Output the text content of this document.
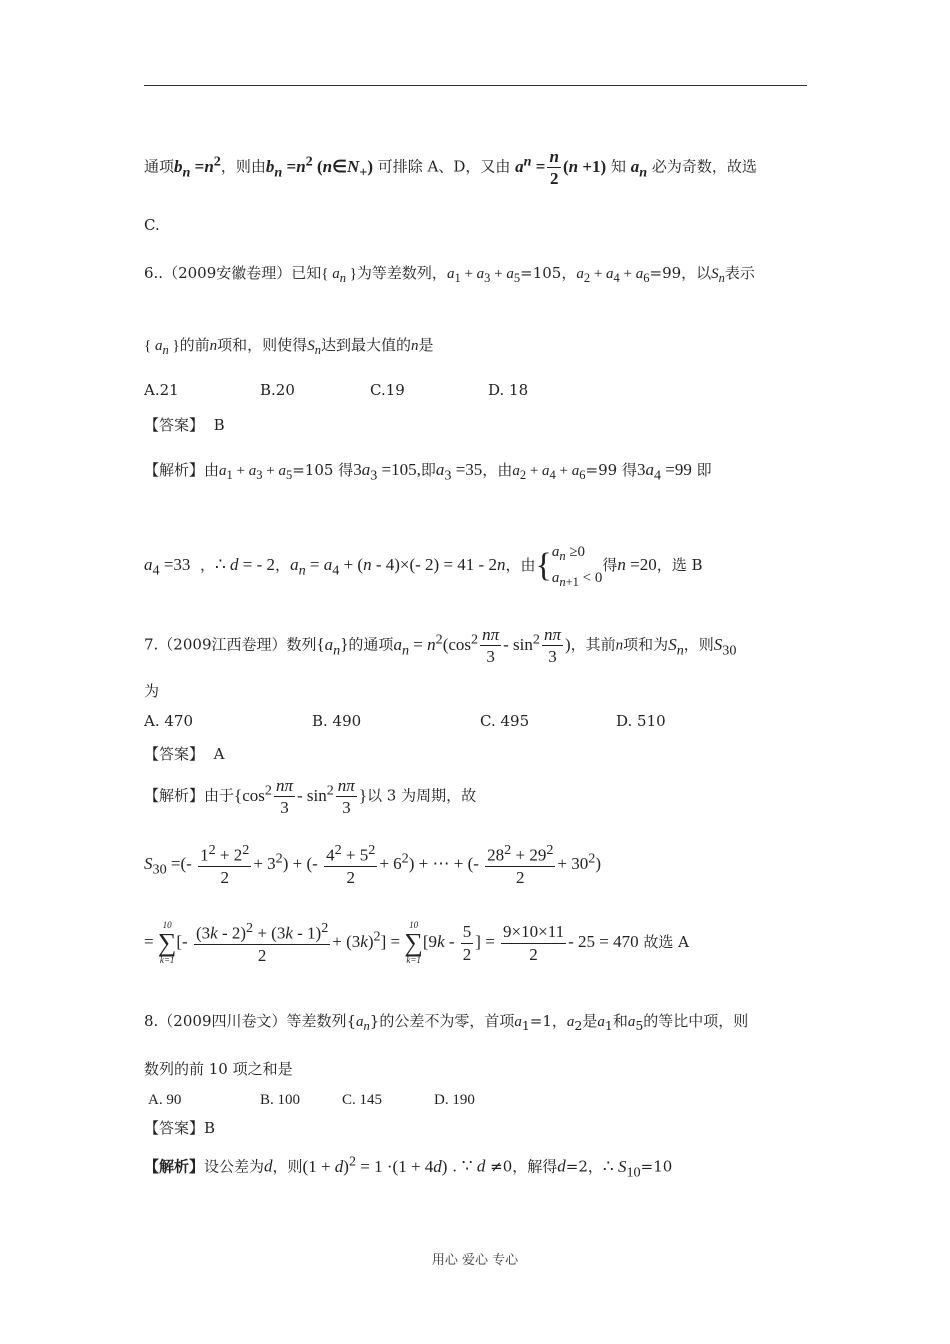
通项$b_n =n^2$，则由$b_n =n^2$ $(n\in N_+)$ 可排除 A、D，又由 $a^n = \frac{n}{2} (n +1)$ 知 $a_n$ 必为奇数，故选
C.
6..（2009安徽卷理）已知{ $a_n$ }为等差数列，$a_1 + a_3 + a_5=105$，$a_2 + a_4 + a_6=99$，以$S_n$表示
{ $a_n$ }的前n项和，则使得$S_n$达到最大值的n是
A.21	B.20	C.19	D. 18
【答案】 B
【解析】由$a_1 + a_3 + a_5=105$ 得$3a_3 =105$,即$a_3 =35$，由$a_2 + a_4 + a_6=99$ 得$3a_4 =99$ 即
$a_4 =33$  ，∴ d = - 2，$a_n = a_4 + (n - 4)\times(-$ 2) = 41 - 2n，由{ $a_n \ge 0$
$a_{n+1} < 0$
得n =20，选 B
7.（2009江西卷理）数列$\{a_n\}$的通项$a_n = n^2(\cos^2 \frac{n\pi}{3} - \sin^2 \frac{n\pi}{3}$ )，其前n项和为$S_n$，则$S_{30}$
为
A. 470	B. 490	C. 495	D. 510
【答案】 A
【解析】由于{$\cos^2 \frac{n\pi}{3} - \sin^2 \frac{n\pi}{3}$ }以 3 为周期，故
$S_{30}$ =(- $\frac{1^2 + 2^2}{2} + 3^2$) + (- $\frac{4^2 + 5^2}{2} + 6^2$) + ⋯ + (- $\frac{28^2 + 29^2}{2} + 30^2$)
=
10
∑
k=1
[- $\frac{(3k - 2)^2 + (3k - 1)^2}{2} + (3k)^2$] =
10
∑
k=1
[$9k - \frac{5}{2}$ ] = $\frac{9\times 10\times 11}{2} - 25 = 470$ 故选 A
8.（2009四川卷文）等差数列$\{a_n\}$的公差不为零，首项$a_1=1$，$a_2$是$a_1$和$a_5$的等比中项，则
数列的前 10 项之和是
A. 90	B. 100	C. 145	D. 190
【答案】B
【解析】设公差为d，则$(1 + d)^2 = 1 \cdot(1 + 4d)$ . ∵ d ≠0，解得d=2，∴ $S_{10}=10$
用心 爱心 专心
